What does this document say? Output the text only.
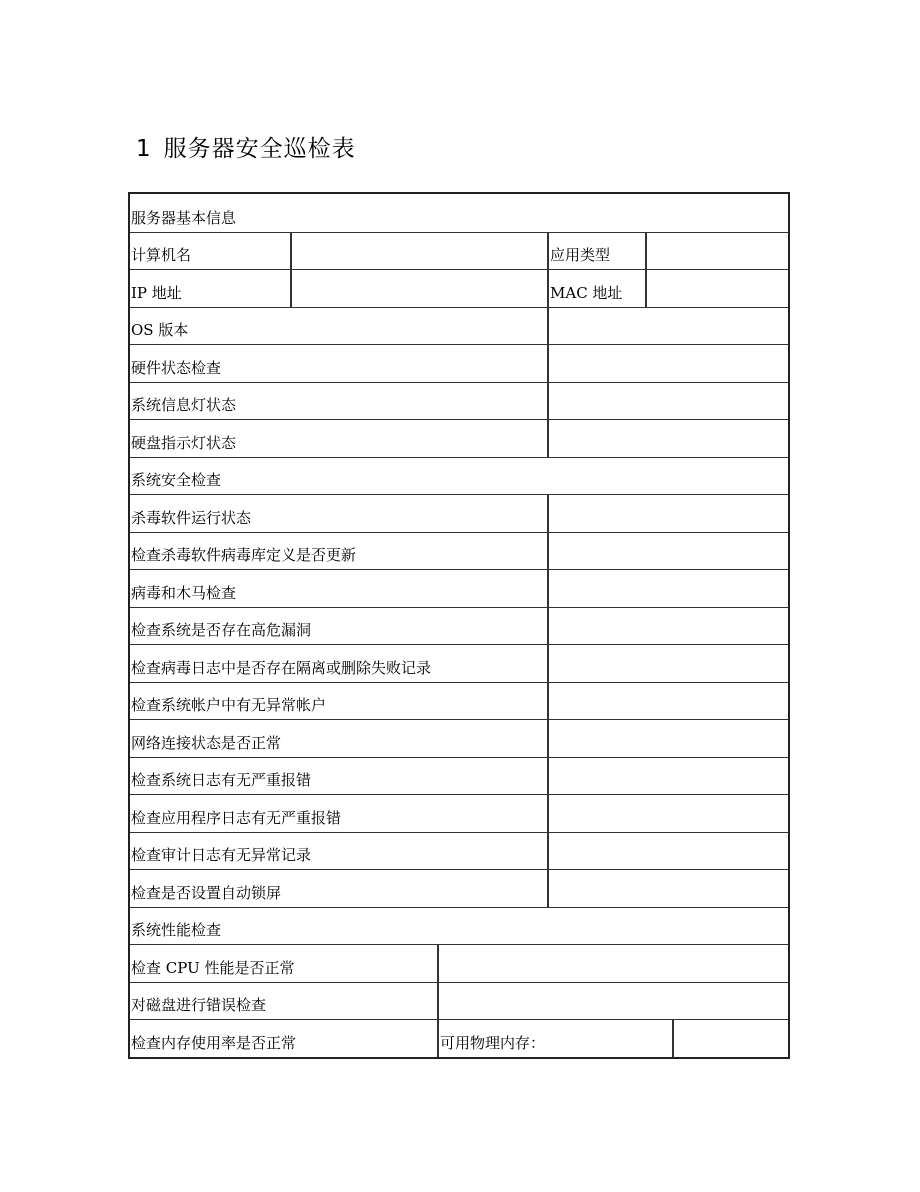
1 服务器安全巡检表
服务器基本信息
计算机名	应用类型
IP 地址	MAC 地址
OS 版本
硬件状态检查
系统信息灯状态
硬盘指示灯状态
系统安全检查
杀毒软件运行状态
检查杀毒软件病毒库定义是否更新
病毒和木马检查
检查系统是否存在高危漏洞
检查病毒日志中是否存在隔离或删除失败记录
检查系统帐户中有无异常帐户
网络连接状态是否正常
检查系统日志有无严重报错
检查应用程序日志有无严重报错
检查审计日志有无异常记录
检查是否设置自动锁屏
系统性能检查
检查 CPU 性能是否正常
对磁盘进行错误检查
检查内存使用率是否正常	可用物理内存：
